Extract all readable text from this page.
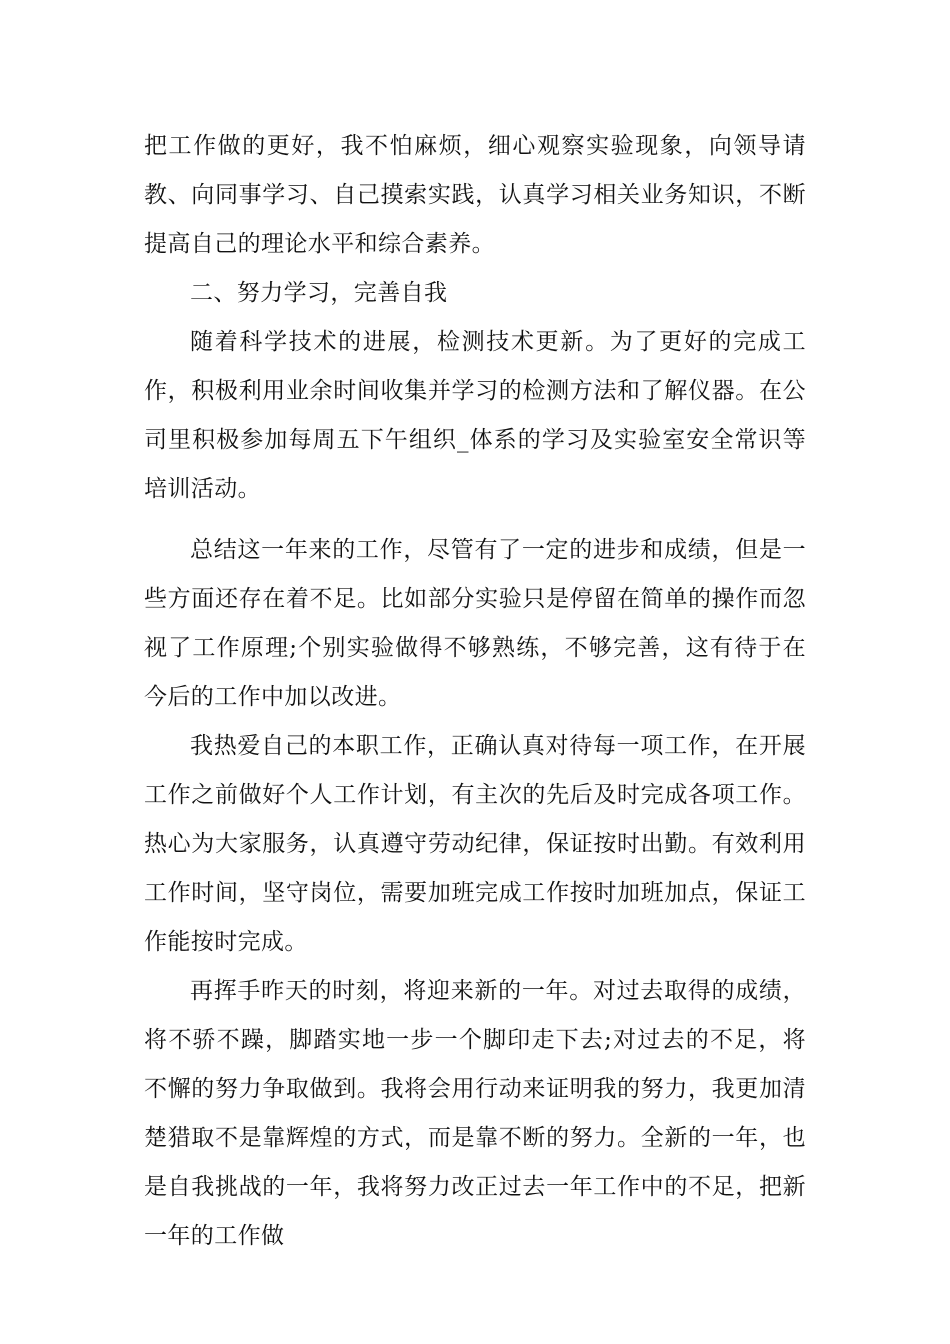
把工作做的更好，我不怕麻烦，细心观察实验现象，向领导请教、向同事学习、自己摸索实践，认真学习相关业务知识，不断提高自己的理论水平和综合素养。

二、努力学习，完善自我

随着科学技术的进展，检测技术更新。为了更好的完成工作，积极利用业余时间收集并学习的检测方法和了解仪器。在公司里积极参加每周五下午组织_体系的学习及实验室安全常识等培训活动。

总结这一年来的工作，尽管有了一定的进步和成绩，但是一些方面还存在着不足。比如部分实验只是停留在简单的操作而忽视了工作原理;个别实验做得不够熟练，不够完善，这有待于在今后的工作中加以改进。

我热爱自己的本职工作，正确认真对待每一项工作，在开展工作之前做好个人工作计划，有主次的先后及时完成各项工作。热心为大家服务，认真遵守劳动纪律，保证按时出勤。有效利用工作时间，坚守岗位，需要加班完成工作按时加班加点，保证工作能按时完成。

再挥手昨天的时刻，将迎来新的一年。对过去取得的成绩，将不骄不躁，脚踏实地一步一个脚印走下去;对过去的不足，将不懈的努力争取做到。我将会用行动来证明我的努力，我更加清楚猎取不是靠辉煌的方式，而是靠不断的努力。全新的一年，也是自我挑战的一年，我将努力改正过去一年工作中的不足，把新一年的工作做
